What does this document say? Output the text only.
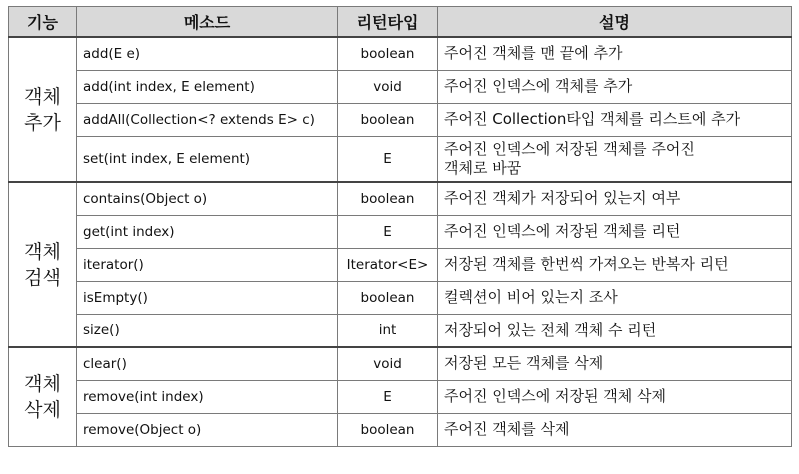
기능	메소드	리턴타입	설명
객체
추가	add(E e)	boolean	주어진 객체를 맨 끝에 추가
	add(int index, E element)	void	주어진 인덱스에 객체를 추가
	addAll(Collection<? extends E> c)	boolean	주어진 Collection타입 객체를 리스트에 추가
	set(int index, E element)	E	주어진 인덱스에 저장된 객체를 주어진
객체로 바꿈
객체
검색	contains(Object o)	boolean	주어진 객체가 저장되어 있는지 여부
	get(int index)	E	주어진 인덱스에 저장된 객체를 리턴
	iterator()	Iterator<E>	저장된 객체를 한번씩 가져오는 반복자 리턴
	isEmpty()	boolean	컬렉션이 비어 있는지 조사
	size()	int	저장되어 있는 전체 객체 수 리턴
객체
삭제	clear()	void	저장된 모든 객체를 삭제
	remove(int index)	E	주어진 인덱스에 저장된 객체 삭제
	remove(Object o)	boolean	주어진 객체를 삭제
